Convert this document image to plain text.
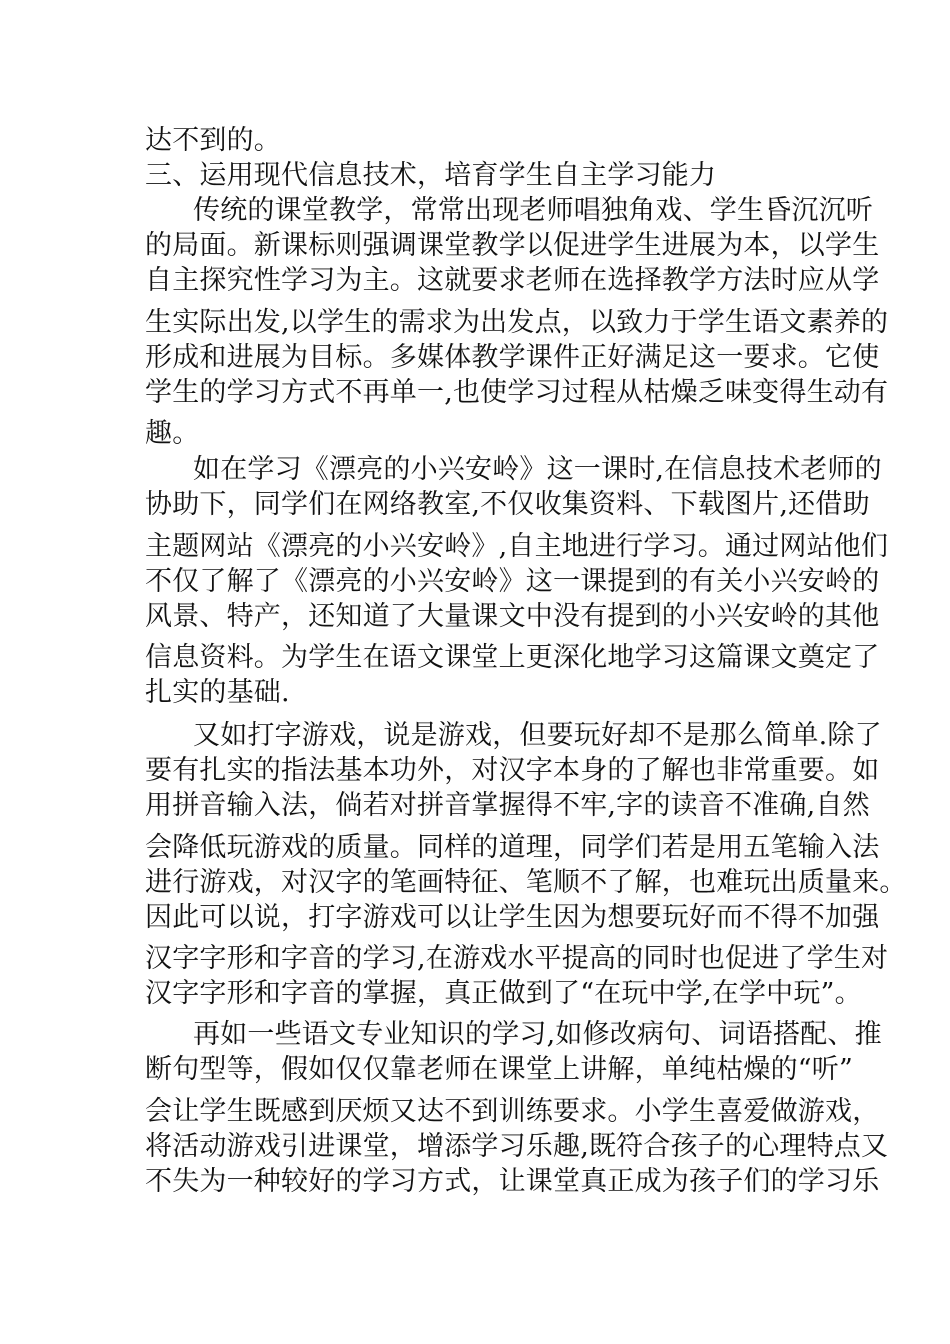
达不到的。
三、运用现代信息技术，培育学生自主学习能力
传统的课堂教学，常常出现老师唱独角戏、学生昏沉沉听
的局面。新课标则强调课堂教学以促进学生进展为本，以学生
自主探究性学习为主。这就要求老师在选择教学方法时应从学
生实际出发,以学生的需求为出发点，以致力于学生语文素养的
形成和进展为目标。多媒体教学课件正好满足这一要求。它使
学生的学习方式不再单一,也使学习过程从枯燥乏味变得生动有
趣。
如在学习《漂亮的小兴安岭》这一课时,在信息技术老师的
协助下，同学们在网络教室,不仅收集资料、下载图片,还借助
主题网站《漂亮的小兴安岭》,自主地进行学习。通过网站他们
不仅了解了《漂亮的小兴安岭》这一课提到的有关小兴安岭的
风景、特产，还知道了大量课文中没有提到的小兴安岭的其他
信息资料。为学生在语文课堂上更深化地学习这篇课文奠定了
扎实的基础.
又如打字游戏，说是游戏，但要玩好却不是那么简单.除了
要有扎实的指法基本功外，对汉字本身的了解也非常重要。如
用拼音输入法，倘若对拼音掌握得不牢,字的读音不准确,自然
会降低玩游戏的质量。同样的道理，同学们若是用五笔输入法
进行游戏，对汉字的笔画特征、笔顺不了解，也难玩出质量来。
因此可以说，打字游戏可以让学生因为想要玩好而不得不加强
汉字字形和字音的学习,在游戏水平提高的同时也促进了学生对
汉字字形和字音的掌握，真正做到了“在玩中学,在学中玩”。
再如一些语文专业知识的学习,如修改病句、词语搭配、推
断句型等，假如仅仅靠老师在课堂上讲解，单纯枯燥的“听”
会让学生既感到厌烦又达不到训练要求。小学生喜爱做游戏，
将活动游戏引进课堂，增添学习乐趣,既符合孩子的心理特点又
不失为一种较好的学习方式，让课堂真正成为孩子们的学习乐
